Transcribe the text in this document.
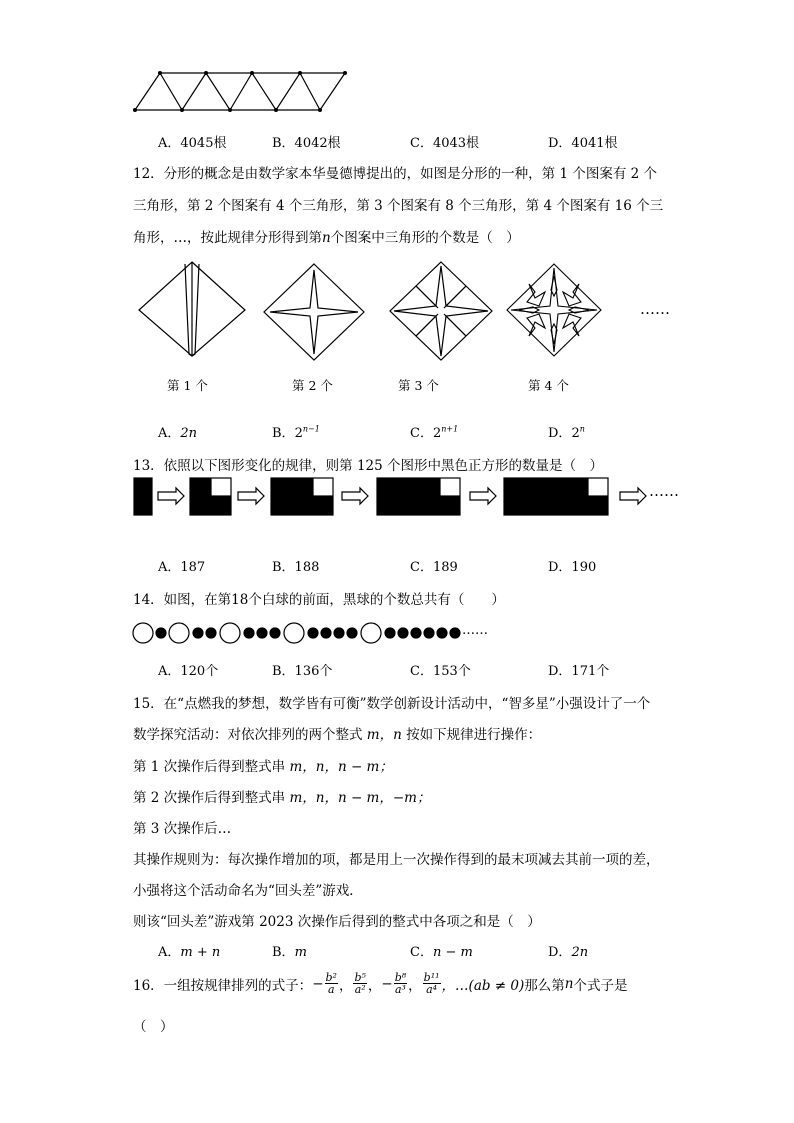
A．4045根	B．4042根	C．4043根	D．4041根
12．分形的概念是由数学家本华曼德博提出的，如图是分形的一种，第 1 个图案有 2 个
三角形，第 2 个图案有 4 个三角形，第 3 个图案有 8 个三角形，第 4 个图案有 16 个三
角形，…，按此规律分形得到第n个图案中三角形的个数是（　）
……
第 1 个	第 2 个	第 3 个	第 4 个
A．2n	B．$2^{n-1}$	C．$2^{n+1}$	D．2$^n$
13．依照以下图形变化的规律，则第 125 个图形中黑色正方形的数量是（　）
……
A．187	B．188	C．189	D．190
14．如图，在第18个白球的前面，黑球的个数总共有（　　）
……
A．120个	B．136个	C．153个	D．171个
15．在“点燃我的梦想，数学皆有可衡”数学创新设计活动中，“智多星”小强设计了一个
数学探究活动：对依次排列的两个整式 m，n 按如下规律进行操作：
第 1 次操作后得到整式串 m，n，n − m；
第 2 次操作后得到整式串 m，n，n − m，−m；
第 3 次操作后…
其操作规则为：每次操作增加的项，都是用上一次操作得到的最末项减去其前一项的差，
小强将这个活动命名为“回头差”游戏．
则该“回头差”游戏第 2023 次操作后得到的整式中各项之和是（　）
A．m + n	B．m	C．n − m	D．2n
16．一组按规律排列的式子： − $\frac{\text{b²}}{a}$ ， $\frac{\text{b⁵}}{\text{a²}}$ ， − $\frac{\text{b⁸}}{\text{a³}}$ ， $\frac{\text{b¹¹}}{\text{a⁴}}$ ，…(ab ≠ 0) 那么第 n 个式子是
（　）
